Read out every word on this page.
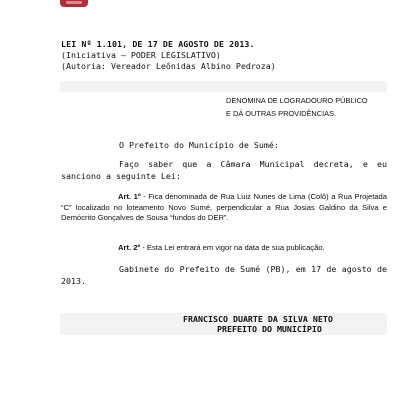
LEI Nº 1.101, DE 17 DE AGOSTO DE 2013.
(Iniciativa – PODER LEGISLATIVO)
(Autoria: Vereador Leônidas Albino Pedroza)
DENOMINA DE LOGRADOURO PÚBLICO
E DÁ OUTRAS PROVIDÊNCIAS.
O Prefeito do Município de Sumé:
Faço saber que a Câmara Municipal decreta, e eu sanciono a seguinte Lei:
Art. 1º - Fica denominada de Rua Luiz Nunes de Lima (Colô) a Rua Projetada “C” localizado no loteamento Novo Sumé, perpendicular a Rua Josias Galdino da Silva e Demócrito Gonçalves de Sousa “fundos do DER”.
Art. 2º - Esta Lei entrará em vigor na data de sua publicação.
Gabinete do Prefeito de Sumé (PB), em 17 de agosto de 2013.
FRANCISCO DUARTE DA SILVA NETO
PREFEITO DO MUNICÍPIO
